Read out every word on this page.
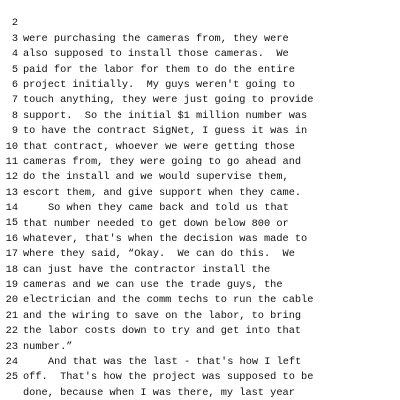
2

were purchasing the cameras from, they were

3

also supposed to install those cameras.  We

4

paid for the labor for them to do the entire

5

project initially.  My guys weren't going to

6

touch anything, they were just going to provide

7

support.  So the initial $1 million number was

8

to have the contract SigNet, I guess it was in

9

that contract, whoever we were getting those

10

cameras from, they were going to go ahead and

11

do the install and we would supervise them,

12

escort them, and give support when they came.

13

So when they came back and told us that

14

that number needed to get down below 800 or

15

whatever, that's when the decision was made to

16

where they said, “Okay.  We can do this.  We

17

can just have the contractor install the

18

cameras and we can use the trade guys, the

19

electrician and the comm techs to run the cable

20

and the wiring to save on the labor, to bring

21

the labor costs down to try and get into that

22

number.”

23

And that was the last - that's how I left

24

off.  That's how the project was supposed to be

25

done, because when I was there, my last year
